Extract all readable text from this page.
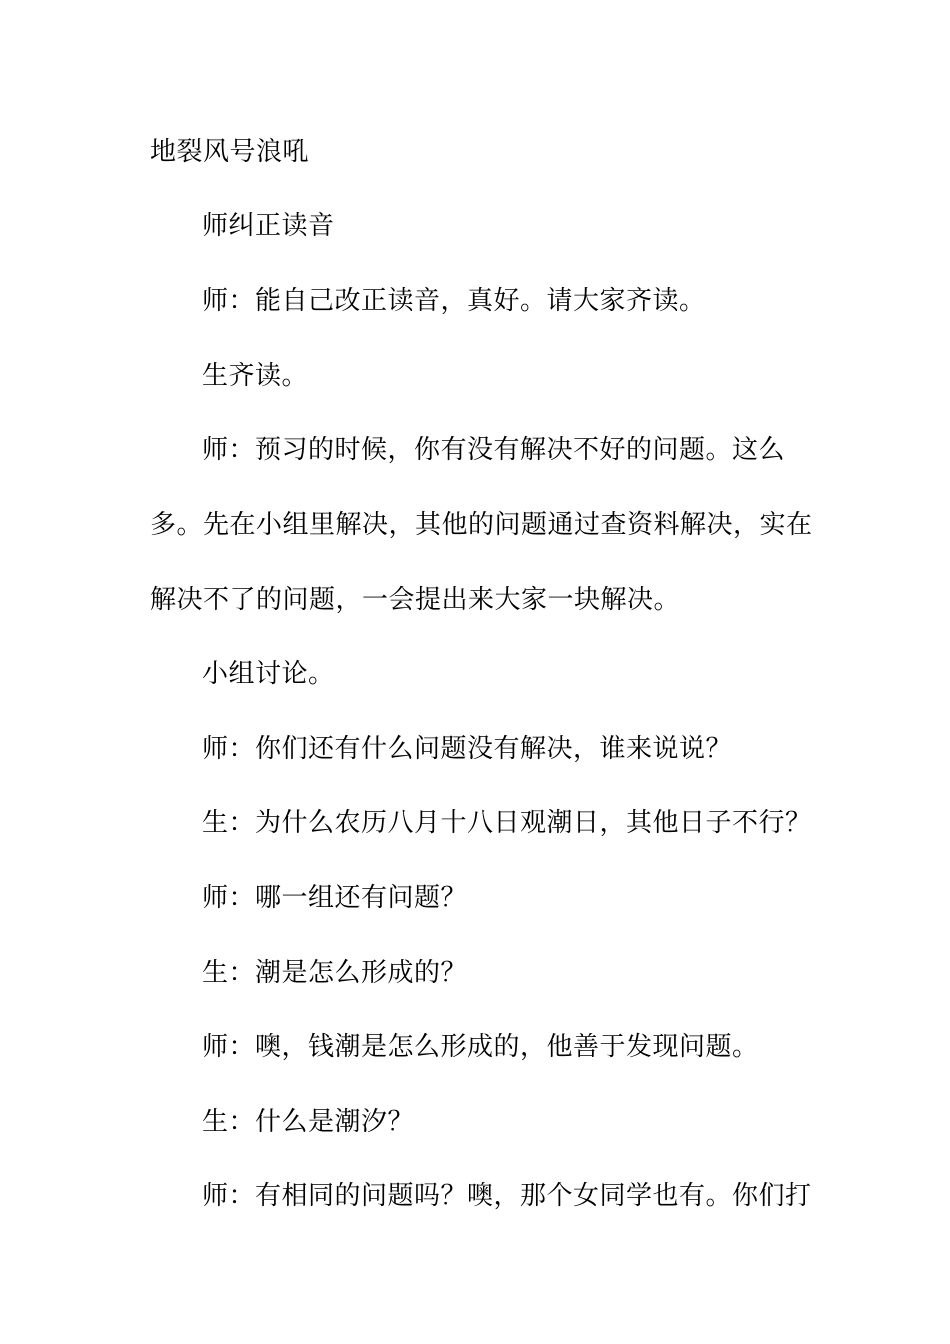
地裂风号浪吼
师纠正读音
师：能自己改正读音，真好。请大家齐读。
生齐读。
师：预习的时候，你有没有解决不好的问题。这么
多。先在小组里解决，其他的问题通过查资料解决，实在
解决不了的问题，一会提出来大家一块解决。
小组讨论。
师：你们还有什么问题没有解决，谁来说说？
生：为什么农历八月十八日观潮日，其他日子不行？
师：哪一组还有问题？
生：潮是怎么形成的？
师：噢，钱潮是怎么形成的，他善于发现问题。
生：什么是潮汐？
师：有相同的问题吗？噢，那个女同学也有。你们打
